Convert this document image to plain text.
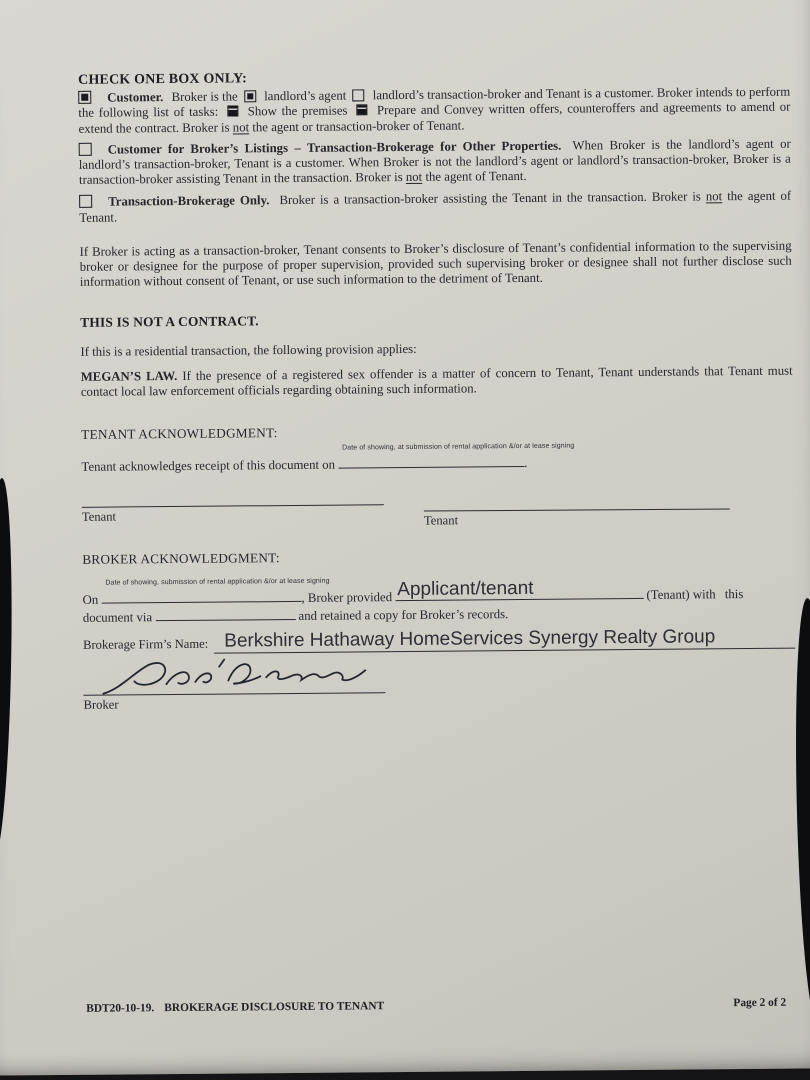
CHECK ONE BOX ONLY:

Customer. Broker is the landlord’s agent landlord’s transaction-broker and Tenant is a customer. Broker intends to perform the following list of tasks: Show the premises Prepare and Convey written offers, counteroffers and agreements to amend or extend the contract. Broker is not the agent or transaction-broker of Tenant.

Customer for Broker’s Listings – Transaction-Brokerage for Other Properties. When Broker is the landlord’s agent or landlord’s transaction-broker, Tenant is a customer. When Broker is not the landlord’s agent or landlord’s transaction-broker, Broker is a transaction-broker assisting Tenant in the transaction. Broker is not the agent of Tenant.

Transaction-Brokerage Only. Broker is a transaction-broker assisting the Tenant in the transaction. Broker is not the agent of Tenant.

If Broker is acting as a transaction-broker, Tenant consents to Broker’s disclosure of Tenant’s confidential information to the supervising broker or designee for the purpose of proper supervision, provided such supervising broker or designee shall not further disclose such information without consent of Tenant, or use such information to the detriment of Tenant.

THIS IS NOT A CONTRACT.
If this is a residential transaction, the following provision applies:

MEGAN’S LAW. If the presence of a registered sex offender is a matter of concern to Tenant, Tenant understands that Tenant must contact local law enforcement officials regarding obtaining such information.

TENANT ACKNOWLEDGMENT:
Tenant acknowledges receipt of this document on
Date of showing, at submission of rental application &/or at lease signing
.
Tenant	Tenant
BROKER ACKNOWLEDGMENT:
On
Date of showing, submission of rental application &/or at lease signing
, Broker provided Applicant/tenant	(Tenant) with this
document via	and retained a copy for Broker’s records.
Brokerage Firm’s Name: Berkshire Hathaway HomeServices Synergy Realty Group
Broker
BDT20-10-19. BROKERAGE DISCLOSURE TO TENANT	Page 2 of 2
